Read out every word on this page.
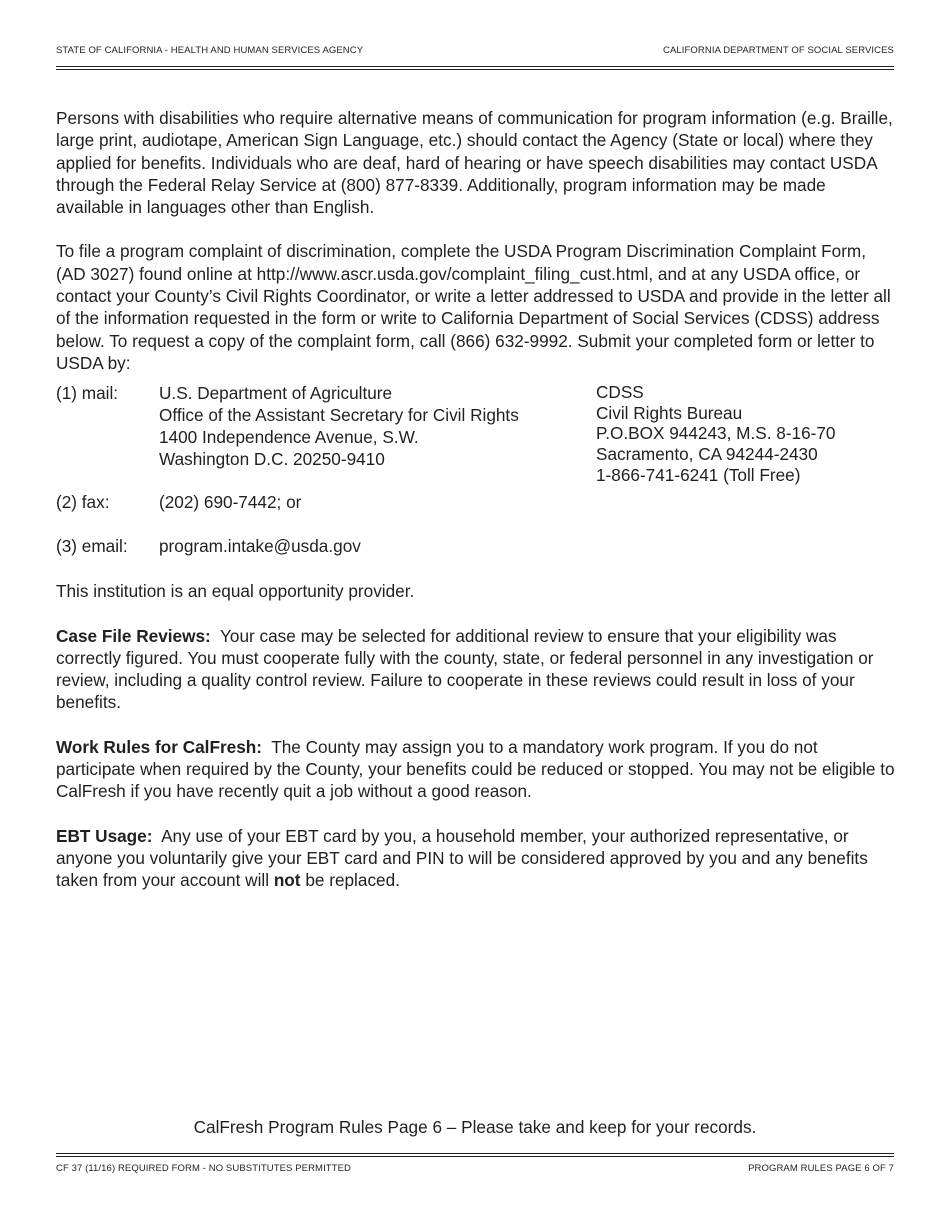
STATE OF CALIFORNIA - HEALTH AND HUMAN SERVICES AGENCY	CALIFORNIA DEPARTMENT OF SOCIAL SERVICES

Persons with disabilities who require alternative means of communication for program information (e.g. Braille, large print, audiotape, American Sign Language, etc.) should contact the Agency (State or local) where they applied for benefits. Individuals who are deaf, hard of hearing or have speech disabilities may contact USDA through the Federal Relay Service at (800) 877-8339. Additionally, program information may be made available in languages other than English.

To file a program complaint of discrimination, complete the USDA Program Discrimination Complaint Form, (AD 3027) found online at http://www.ascr.usda.gov/complaint_filing_cust.html, and at any USDA office, or contact your County’s Civil Rights Coordinator, or write a letter addressed to USDA and provide in the letter all of the information requested in the form or write to California Department of Social Services (CDSS) address below. To request a copy of the complaint form, call (866) 632-9992. Submit your completed form or letter to USDA by:

(1) mail: U.S. Department of Agriculture
Office of the Assistant Secretary for Civil Rights
1400 Independence Avenue, S.W.
Washington D.C. 20250-9410
CDSS
Civil Rights Bureau
P.O.BOX 944243, M.S. 8-16-70
Sacramento, CA 94244-2430
1-866-741-6241 (Toll Free)
(2) fax:	(202) 690-7442; or
(3) email: program.intake@usda.gov

This institution is an equal opportunity provider.

Case File Reviews: Your case may be selected for additional review to ensure that your eligibility was correctly figured. You must cooperate fully with the county, state, or federal personnel in any investigation or review, including a quality control review. Failure to cooperate in these reviews could result in loss of your benefits.

Work Rules for CalFresh: The County may assign you to a mandatory work program. If you do not participate when required by the County, your benefits could be reduced or stopped. You may not be eligible to CalFresh if you have recently quit a job without a good reason.

EBT Usage: Any use of your EBT card by you, a household member, your authorized representative, or anyone you voluntarily give your EBT card and PIN to will be considered approved by you and any benefits taken from your account will not be replaced.

CalFresh Program Rules Page 6 – Please take and keep for your records.
CF 37 (11/16) REQUIRED FORM - NO SUBSTITUTES PERMITTED	PROGRAM RULES PAGE 6 OF 7
